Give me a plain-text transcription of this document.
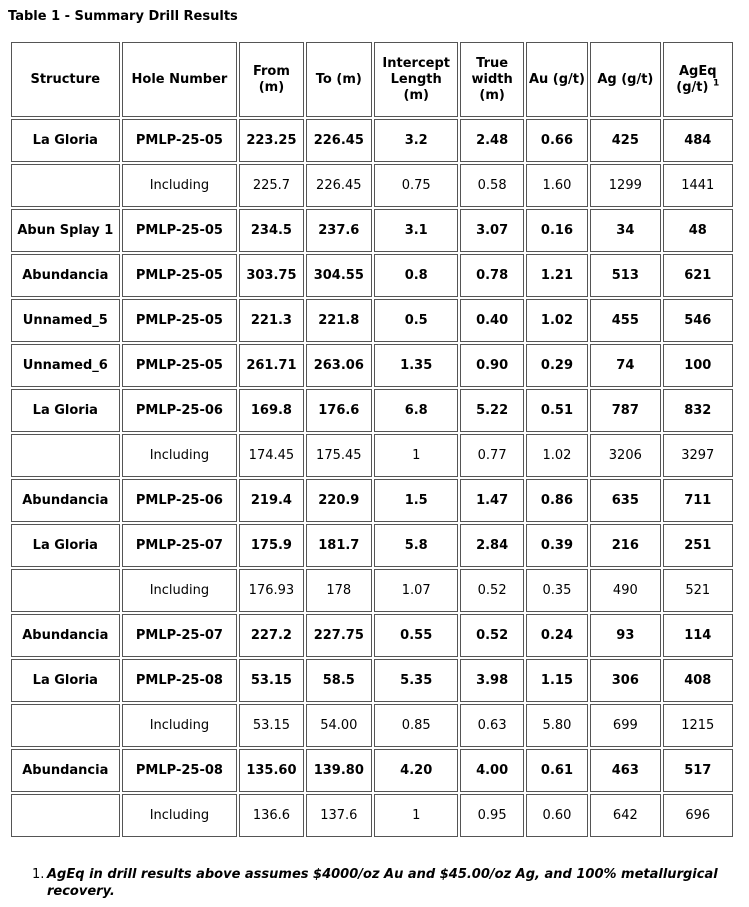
Table 1 - Summary Drill Results
Structure	Hole Number	From (m)	To (m)	Intercept Length (m)	True width (m)	Au (g/t)	Ag (g/t)	AgEq (g/t) $^1$
La Gloria	PMLP-25-05	223.25	226.45	3.2	2.48	0.66	425	484
	Including	225.7	226.45	0.75	0.58	1.60	1299	1441
Abun Splay 1	PMLP-25-05	234.5	237.6	3.1	3.07	0.16	34	48
Abundancia	PMLP-25-05	303.75	304.55	0.8	0.78	1.21	513	621
Unnamed_5	PMLP-25-05	221.3	221.8	0.5	0.40	1.02	455	546
Unnamed_6	PMLP-25-05	261.71	263.06	1.35	0.90	0.29	74	100
La Gloria	PMLP-25-06	169.8	176.6	6.8	5.22	0.51	787	832
	Including	174.45	175.45	1	0.77	1.02	3206	3297
Abundancia	PMLP-25-06	219.4	220.9	1.5	1.47	0.86	635	711
La Gloria	PMLP-25-07	175.9	181.7	5.8	2.84	0.39	216	251
	Including	176.93	178	1.07	0.52	0.35	490	521
Abundancia	PMLP-25-07	227.2	227.75	0.55	0.52	0.24	93	114
La Gloria	PMLP-25-08	53.15	58.5	5.35	3.98	1.15	306	408
	Including	53.15	54.00	0.85	0.63	5.80	699	1215
Abundancia	PMLP-25-08	135.60	139.80	4.20	4.00	0.61	463	517
	Including	136.6	137.6	1	0.95	0.60	642	696
1. AgEq in drill results above assumes $4000/oz Au and $45.00/oz Ag, and 100% metallurgical recovery.
